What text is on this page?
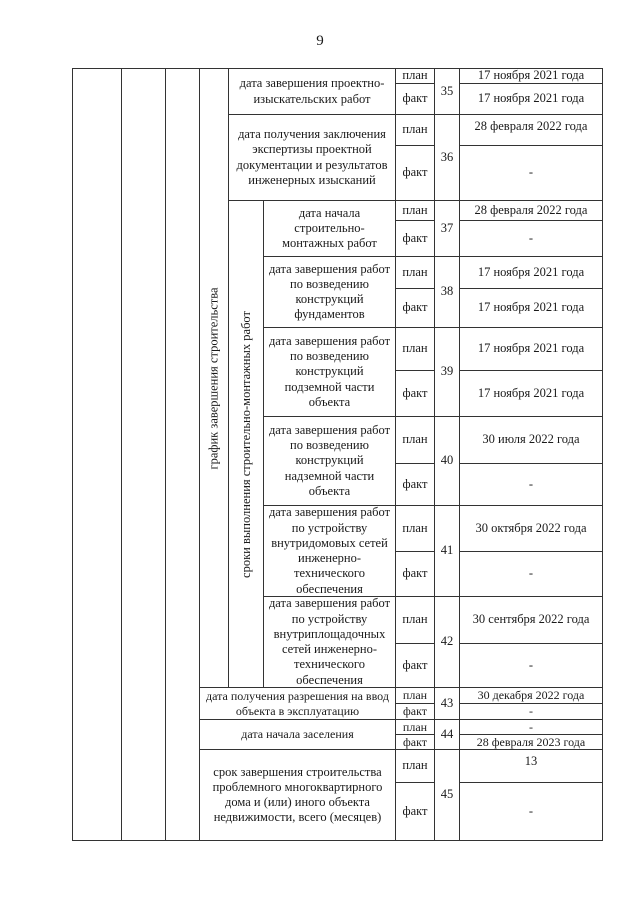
9
график завершения строительства сроки выполнения строительно-монтажных работ
дата завершения проектно-изыскательских работ
план
факт
35
17 ноября 2021 года
17 ноября 2021 года
дата получения заключения экспертизы проектной документации и результатов инженерных изысканий
план
факт
36
28 февраля 2022 года
-
дата начала строительно-монтажных работ
план
факт
37
28 февраля 2022 года
-
дата завершения работ по возведению конструкций фундаментов
план
факт
38
17 ноября 2021 года
17 ноября 2021 года
дата завершения работ по возведению конструкций подземной части объекта
план
факт
39
17 ноября 2021 года
17 ноября 2021 года
дата завершения работ по возведению конструкций надземной части объекта
план
факт
40
30 июля 2022 года
-
дата завершения работ по устройству внутридомовых сетей инженерно-технического обеспечения
план
факт
41
30 октября 2022 года
-
дата завершения работ по устройству внутриплощадочных сетей инженерно-технического обеспечения
план
факт
42
30 сентября 2022 года
-
дата получения разрешения на ввод объекта в эксплуатацию
план
факт
43
30 декабря 2022 года
-
дата начала заселения
план
факт
44
-
28 февраля 2023 года
срок завершения строительства проблемного многоквартирного дома и (или) иного объекта недвижимости, всего (месяцев)
план
факт
45
13
-
